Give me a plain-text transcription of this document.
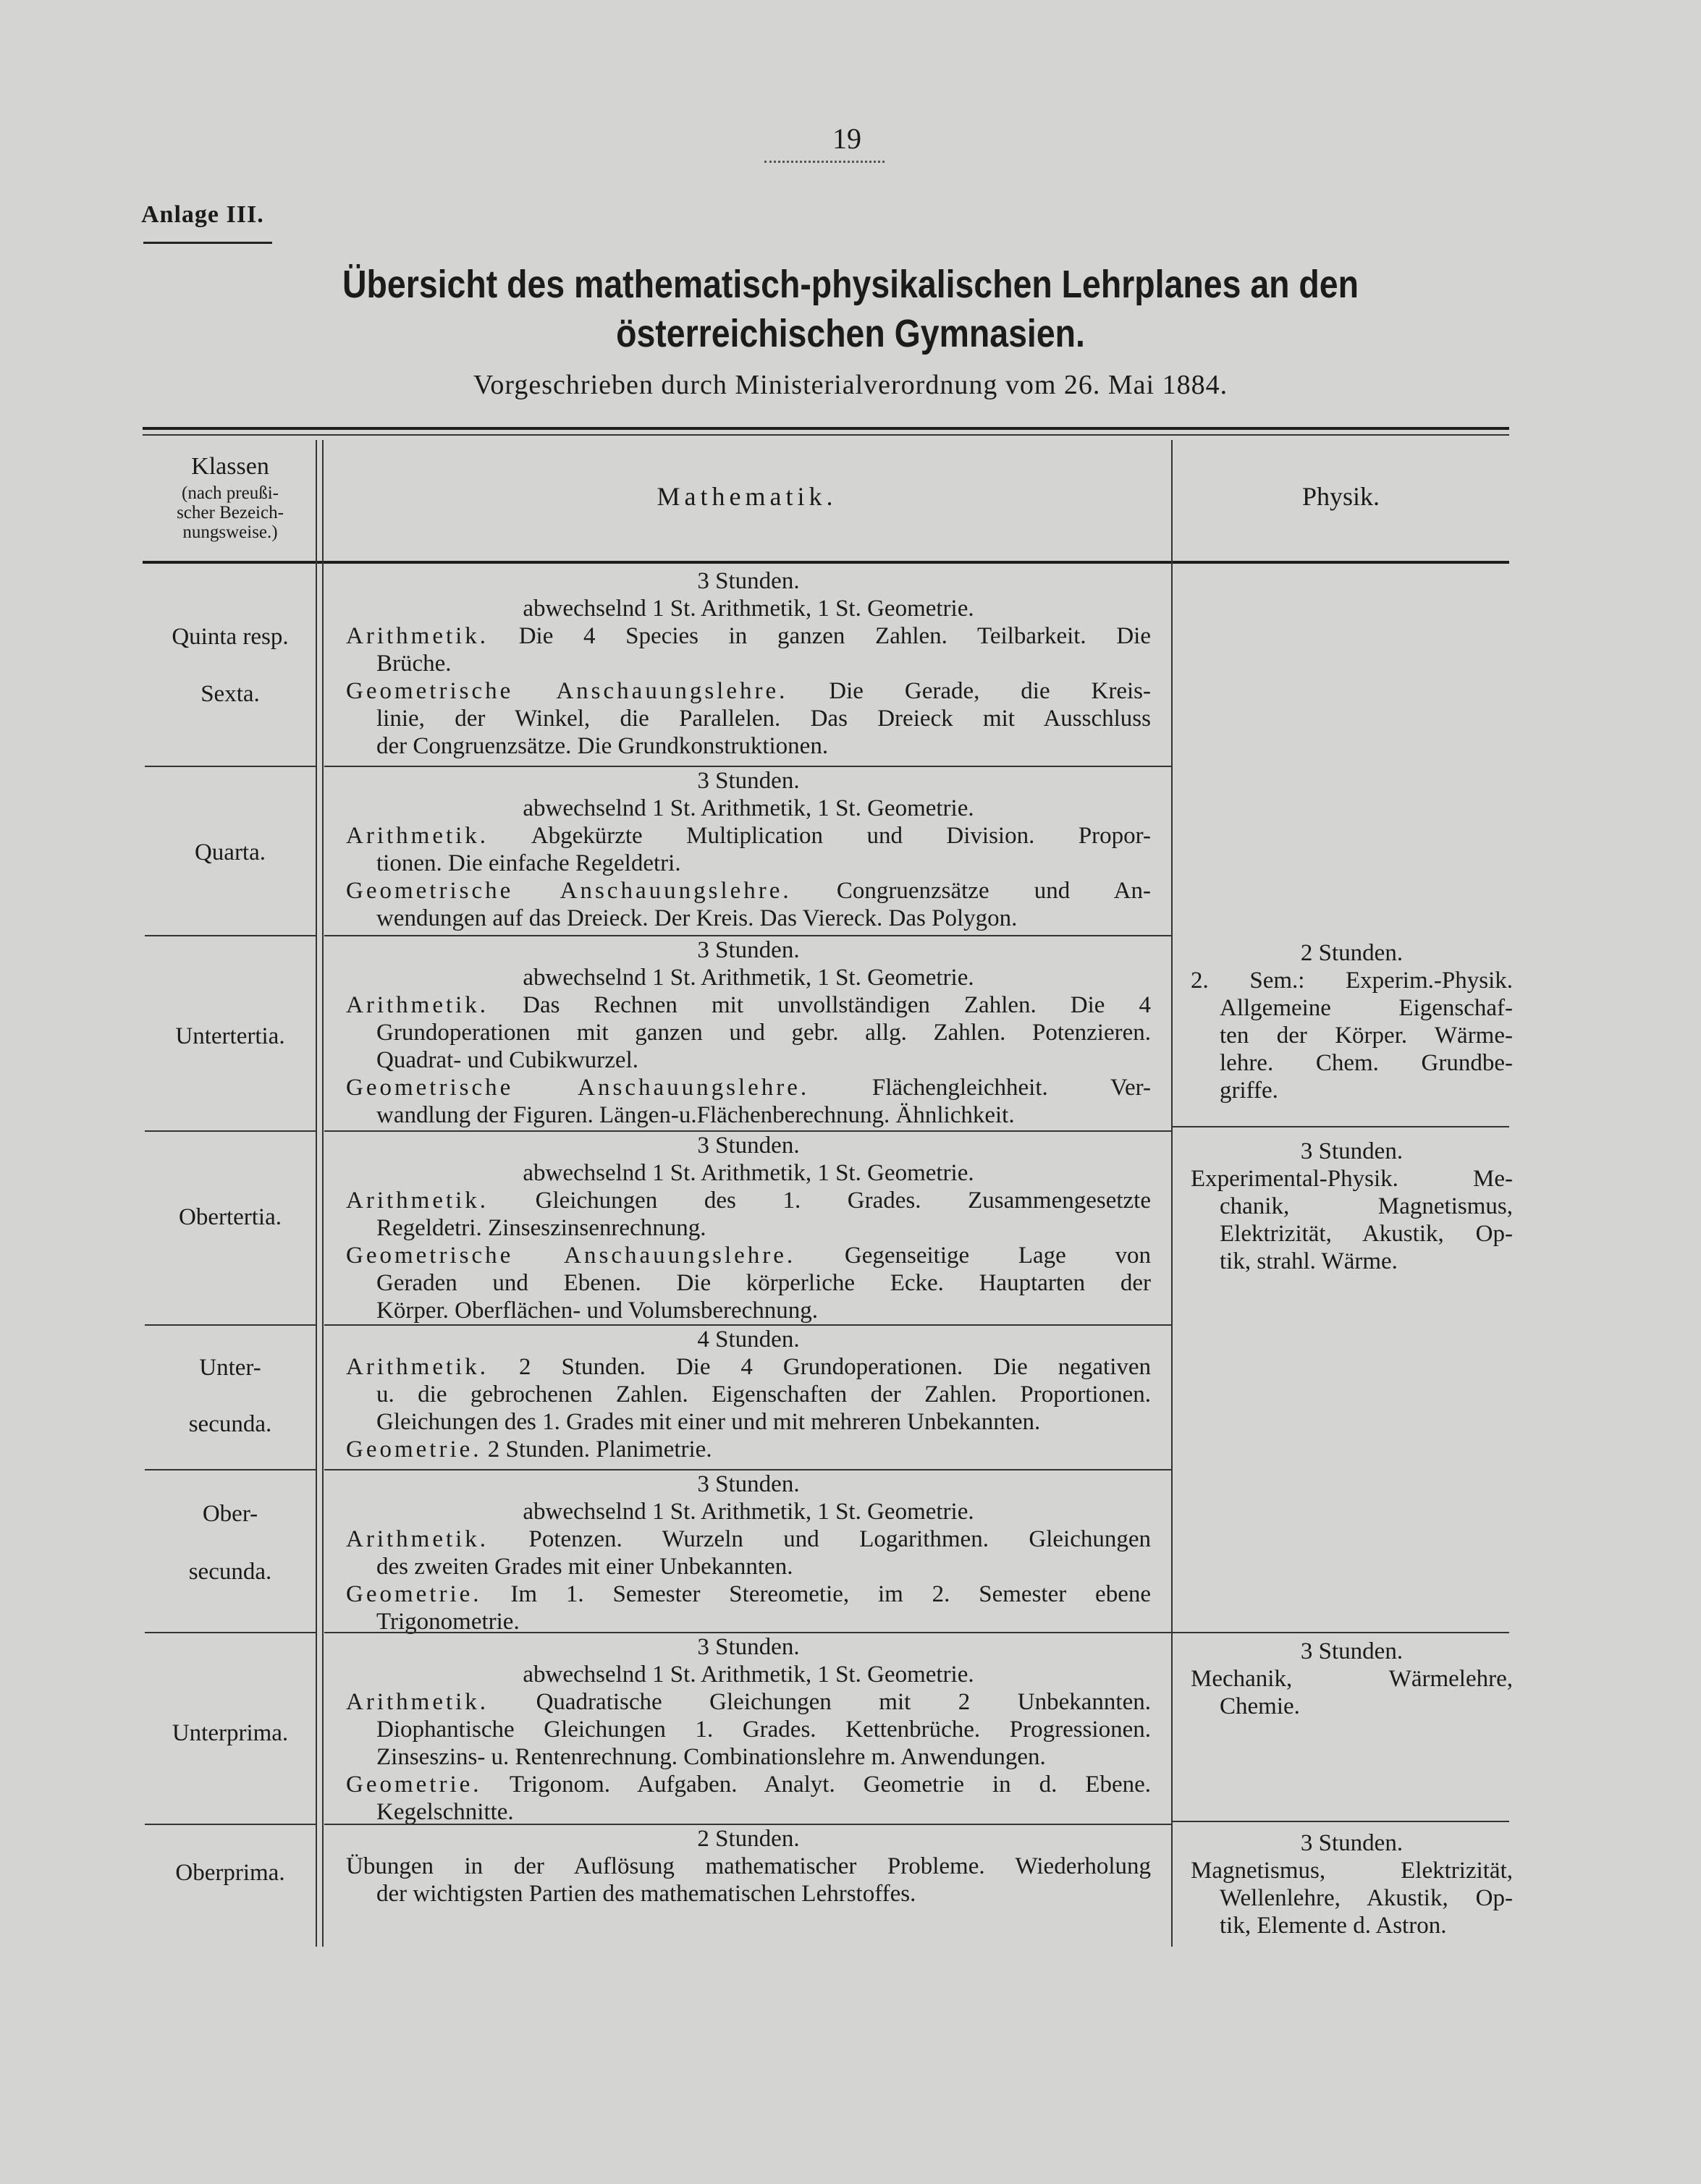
19
Anlage III.
Übersicht des mathematisch-physikalischen Lehrplanes an den
österreichischen Gymnasien.
Vorgeschrieben durch Ministerialverordnung vom 26. Mai 1884.
Klassen
(nach preußi-
scher Bezeich-
nungsweise.)
Mathematik.	Physik.
Quinta resp.
Sexta.
3 Stunden.
abwechselnd 1 St. Arithmetik, 1 St. Geometrie.
Arithmetik. Die 4 Species in ganzen Zahlen. Teilbarkeit. Die
Brüche.
Geometrische Anschauungslehre. Die Gerade, die Kreis-
linie, der Winkel, die Parallelen. Das Dreieck mit Ausschluss
der Congruenzsätze. Die Grundkonstruktionen.
Quarta.
3 Stunden.
abwechselnd 1 St. Arithmetik, 1 St. Geometrie.
Arithmetik. Abgekürzte Multiplication und Division. Propor-
tionen. Die einfache Regeldetri.
Geometrische Anschauungslehre. Congruenzsätze und An-
wendungen auf das Dreieck. Der Kreis. Das Viereck. Das Polygon.
Untertertia.
3 Stunden.
abwechselnd 1 St. Arithmetik, 1 St. Geometrie.
Arithmetik. Das Rechnen mit unvollständigen Zahlen. Die 4
Grundoperationen mit ganzen und gebr. allg. Zahlen. Potenzieren.
Quadrat- und Cubikwurzel.
Geometrische Anschauungslehre.	Flächengleichheit. Ver-
wandlung der Figuren. Längen-u.Flächenberechnung. Ähnlichkeit.
2 Stunden.
2. Sem.: Experim.-Physik.
Allgemeine Eigenschaf-
ten der Körper. Wärme-
lehre. Chem. Grundbe-
griffe.
Obertertia.
3 Stunden.
abwechselnd 1 St. Arithmetik, 1 St. Geometrie.
Arithmetik. Gleichungen des 1. Grades. Zusammengesetzte
Regeldetri. Zinseszinsenrechnung.
Geometrische Anschauungslehre. Gegenseitige Lage von
Geraden und Ebenen. Die körperliche Ecke. Hauptarten der
Körper. Oberflächen- und Volumsberechnung.
3 Stunden.
Experimental-Physik. Me-
chanik, Magnetismus,
Elektrizität, Akustik, Op-
tik, strahl. Wärme.
Unter-
secunda.
4 Stunden.
Arithmetik. 2 Stunden. Die 4 Grundoperationen. Die negativen
u. die gebrochenen Zahlen. Eigenschaften der Zahlen. Proportionen.
Gleichungen des 1. Grades mit einer und mit mehreren Unbekannten.
Geometrie. 2 Stunden. Planimetrie.
Ober-
secunda.
3 Stunden.
abwechselnd 1 St. Arithmetik, 1 St. Geometrie.
Arithmetik. Potenzen. Wurzeln und Logarithmen. Gleichungen
des zweiten Grades mit einer Unbekannten.
Geometrie. Im 1. Semester Stereometie, im 2. Semester ebene
Trigonometrie.
Unterprima.
3 Stunden.
abwechselnd 1 St. Arithmetik, 1 St. Geometrie.
Arithmetik. Quadratische Gleichungen mit 2 Unbekannten.
Diophantische Gleichungen 1. Grades. Kettenbrüche. Progressionen.
Zinseszins- u. Rentenrechnung. Combinationslehre m. Anwendungen.
Geometrie. Trigonom. Aufgaben. Analyt. Geometrie in d. Ebene.
Kegelschnitte.
3 Stunden.
Mechanik, Wärmelehre,
Chemie.
Oberprima.
2 Stunden.
Übungen in der Auflösung mathematischer Probleme. Wiederholung
der wichtigsten Partien des mathematischen Lehrstoffes.
3 Stunden.
Magnetismus, Elektrizität,
Wellenlehre, Akustik, Op-
tik, Elemente d. Astron.
